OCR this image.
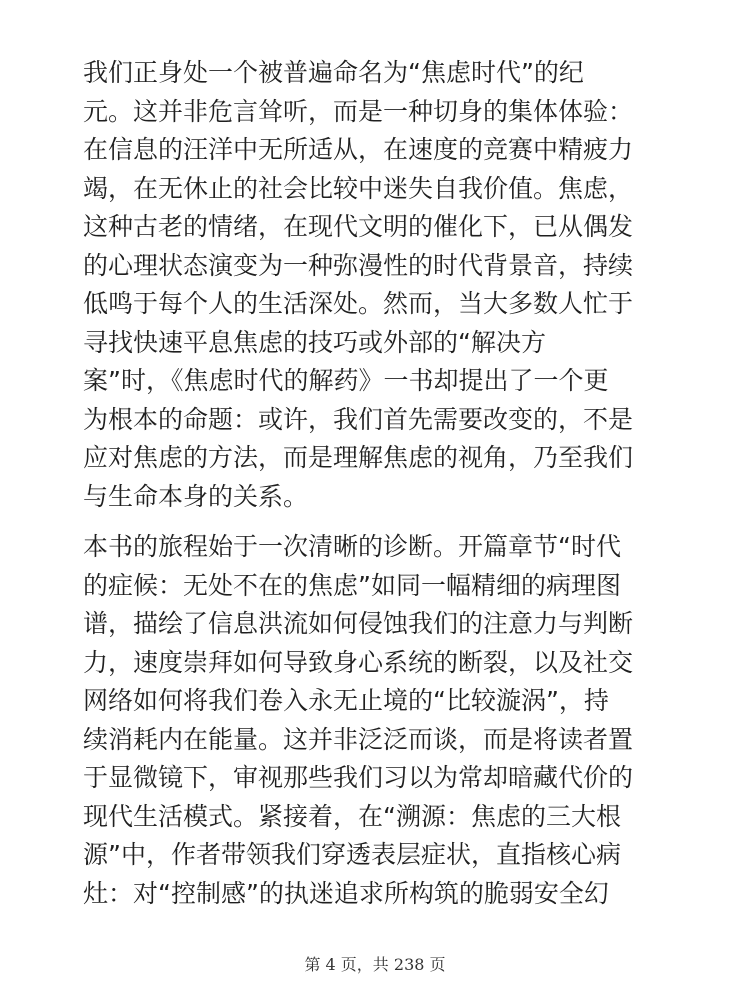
我们正身处一个被普遍命名为“焦虑时代”的纪
元。这并非危言耸听，而是一种切身的集体体验：
在信息的汪洋中无所适从，在速度的竞赛中精疲力
竭，在无休止的社会比较中迷失自我价值。焦虑，
这种古老的情绪，在现代文明的催化下，已从偶发
的心理状态演变为一种弥漫性的时代背景音，持续
低鸣于每个人的生活深处。然而，当大多数人忙于
寻找快速平息焦虑的技巧或外部的“解决方
案”时，《焦虑时代的解药》一书却提出了一个更
为根本的命题：或许，我们首先需要改变的，不是
应对焦虑的方法，而是理解焦虑的视角，乃至我们
与生命本身的关系。

本书的旅程始于一次清晰的诊断。开篇章节“时代
的症候：无处不在的焦虑”如同一幅精细的病理图
谱，描绘了信息洪流如何侵蚀我们的注意力与判断
力，速度崇拜如何导致身心系统的断裂，以及社交
网络如何将我们卷入永无止境的“比较漩涡”，持
续消耗内在能量。这并非泛泛而谈，而是将读者置
于显微镜下，审视那些我们习以为常却暗藏代价的
现代生活模式。紧接着，在“溯源：焦虑的三大根
源”中，作者带领我们穿透表层症状，直指核心病
灶：对“控制感”的执迷追求所构筑的脆弱安全幻

第 4 页，共 238 页
